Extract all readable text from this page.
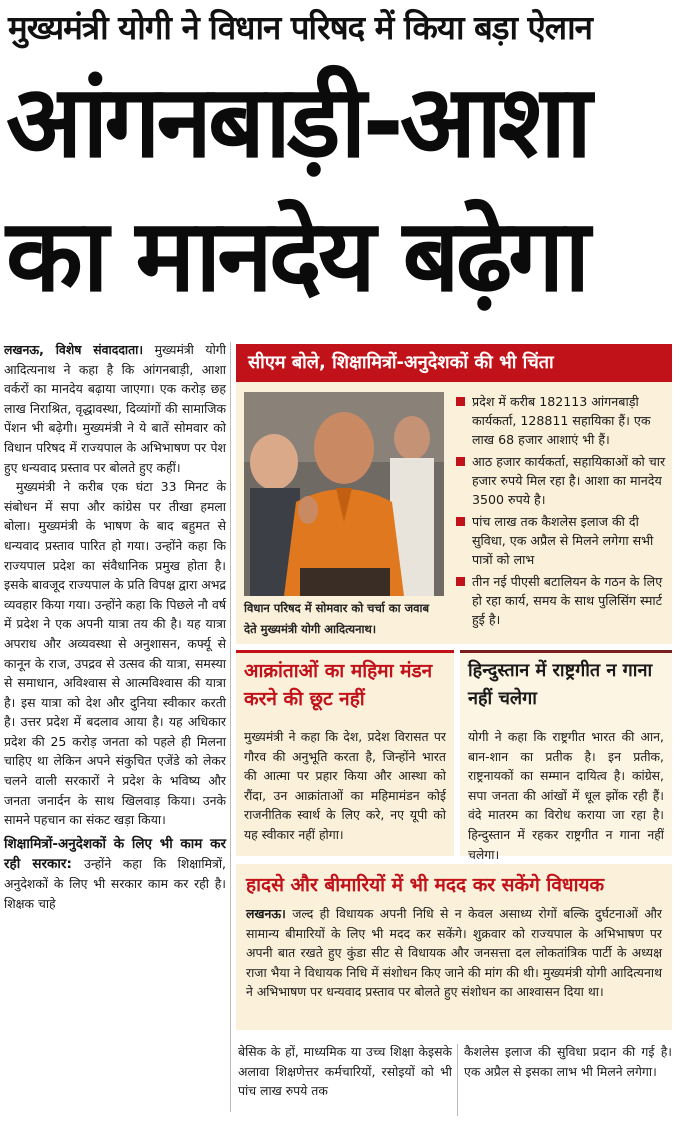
मुख्यमंत्री योगी ने विधान परिषद में किया बड़ा ऐलान
आंगनबाड़ी-आशा
का मानदेय बढ़ेगा

लखनऊ, विशेष संवाददाता। मुख्यमंत्री योगी आदित्यनाथ ने कहा है कि आंगनबाड़ी, आशा वर्करों का मानदेय बढ़ाया जाएगा। एक करोड़ छह लाख निराश्रित, वृद्धावस्था, दिव्यांगों की सामाजिक पेंशन भी बढ़ेगी। मुख्यमंत्री ने ये बातें सोमवार को विधान परिषद में राज्यपाल के अभिभाषण पर पेश हुए धन्यवाद प्रस्ताव पर बोलते हुए कहीं।

मुख्यमंत्री ने करीब एक घंटा 33 मिनट के संबोधन में सपा और कांग्रेस पर तीखा हमला बोला। मुख्यमंत्री के भाषण के बाद बहुमत से धन्यवाद प्रस्ताव पारित हो गया। उन्होंने कहा कि राज्यपाल प्रदेश का संवैधानिक प्रमुख होता है। इसके बावजूद राज्यपाल के प्रति विपक्ष द्वारा अभद्र व्यवहार किया गया। उन्होंने कहा कि पिछले नौ वर्ष में प्रदेश ने एक अपनी यात्रा तय की है। यह यात्रा अपराध और अव्यवस्था से अनुशासन, कर्फ्यू से कानून के राज, उपद्रव से उत्सव की यात्रा, समस्या से समाधान, अविश्वास से आत्मविश्वास की यात्रा है। इस यात्रा को देश और दुनिया स्वीकार करती है। उत्तर प्रदेश में बदलाव आया है। यह अधिकार प्रदेश की 25 करोड़ जनता को पहले ही मिलना चाहिए था लेकिन अपने संकुचित एजेंडे को लेकर चलने वाली सरकारों ने प्रदेश के भविष्य और जनता जनार्दन के साथ खिलवाड़ किया। उनके सामने पहचान का संकट खड़ा किया।

शिक्षामित्रों-अनुदेशकों के लिए भी काम कर रही सरकार: उन्होंने कहा कि शिक्षामित्रों, अनुदेशकों के लिए भी सरकार काम कर रही है। शिक्षक चाहे

सीएम बोले, शिक्षामित्रों-अनुदेशकों की भी चिंता
विधान परिषद में सोमवार को चर्चा का जवाब देते मुख्यमंत्री योगी आदित्यनाथ।
प्रदेश में करीब 182113 आंगनबाड़ी कार्यकर्ता, 128811 सहायिका हैं। एक लाख 68 हजार आशाएं भी हैं।
आठ हजार कार्यकर्ता, सहायिकाओं को चार हजार रुपये मिल रहा है। आशा का मानदेय 3500 रुपये है।
पांच लाख तक कैशलेस इलाज की दी सुविधा, एक अप्रैल से मिलने लगेगा सभी पात्रों को लाभ
तीन नई पीएसी बटालियन के गठन के लिए हो रहा कार्य, समय के साथ पुलिसिंग स्मार्ट हुई है।
आक्रांताओं का महिमा मंडन करने की छूट नहीं
मुख्यमंत्री ने कहा कि देश, प्रदेश विरासत पर गौरव की अनुभूति करता है, जिन्होंने भारत की आत्मा पर प्रहार किया और आस्था को रौंदा, उन आक्रांताओं का महिमामंडन कोई राजनीतिक स्वार्थ के लिए करे, नए यूपी को यह स्वीकार नहीं होगा।
हिन्दुस्तान में राष्ट्रगीत न गाना नहीं चलेगा
योगी ने कहा कि राष्ट्रगीत भारत की आन, बान-शान का प्रतीक है। इन प्रतीक, राष्ट्रनायकों का सम्मान दायित्व है। कांग्रेस, सपा जनता की आंखों में धूल झोंक रही हैं। वंदे मातरम का विरोध कराया जा रहा है। हिन्दुस्तान में रहकर राष्ट्रगीत न गाना नहीं चलेगा।
हादसे और बीमारियों में भी मदद कर सकेंगे विधायक
लखनऊ। जल्द ही विधायक अपनी निधि से न केवल असाध्य रोगों बल्कि दुर्घटनाओं और सामान्य बीमारियों के लिए भी मदद कर सकेंगे। शुक्रवार को राज्यपाल के अभिभाषण पर अपनी बात रखते हुए कुंडा सीट से विधायक और जनसत्ता दल लोकतांत्रिक पार्टी के अध्यक्ष राजा भैया ने विधायक निधि में संशोधन किए जाने की मांग की थी। मुख्यमंत्री योगी आदित्यनाथ ने अभिभाषण पर धन्यवाद प्रस्ताव पर बोलते हुए संशोधन का आश्वासन दिया था।
बेसिक के हों, माध्यमिक या उच्च शिक्षा केइसके अलावा शिक्षणेत्तर कर्मचारियों, रसोइयों को भी पांच लाख रुपये तक
कैशलेस इलाज की सुविधा प्रदान की गई है। एक अप्रैल से इसका लाभ भी मिलने लगेगा।
